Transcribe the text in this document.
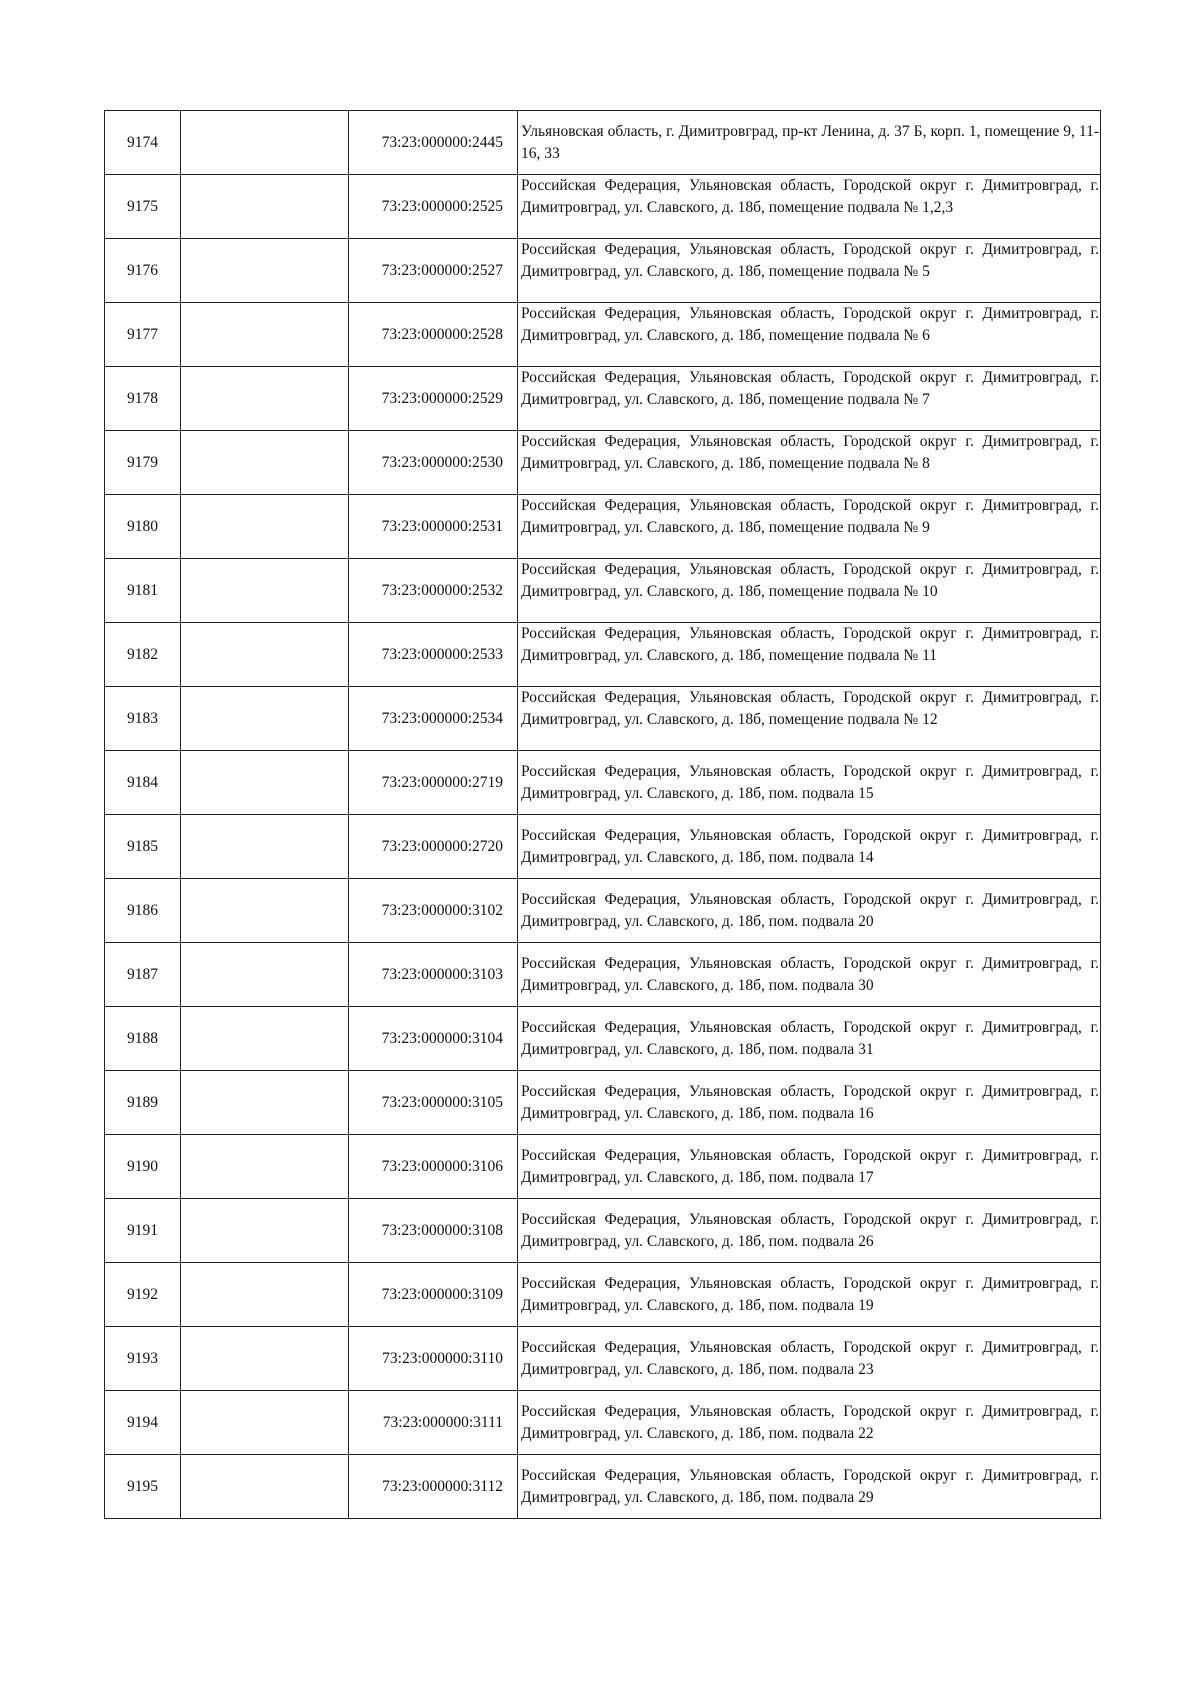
9174		73:23:000000:2445	Ульяновская область, г. Димитровград, пр-кт Ленина, д. 37 Б, корп. 1, помещение 9, 11-16, 33
9175		73:23:000000:2525	Российская Федерация, Ульяновская область, Городской округ г. Димитровград, г. Димитровград, ул. Славского, д. 18б, помещение подвала № 1,2,3
9176		73:23:000000:2527	Российская Федерация, Ульяновская область, Городской округ г. Димитровград, г. Димитровград, ул. Славского, д. 18б, помещение подвала № 5
9177		73:23:000000:2528	Российская Федерация, Ульяновская область, Городской округ г. Димитровград, г. Димитровград, ул. Славского, д. 18б, помещение подвала № 6
9178		73:23:000000:2529	Российская Федерация, Ульяновская область, Городской округ г. Димитровград, г. Димитровград, ул. Славского, д. 18б, помещение подвала № 7
9179		73:23:000000:2530	Российская Федерация, Ульяновская область, Городской округ г. Димитровград, г. Димитровград, ул. Славского, д. 18б, помещение подвала № 8
9180		73:23:000000:2531	Российская Федерация, Ульяновская область, Городской округ г. Димитровград, г. Димитровград, ул. Славского, д. 18б, помещение подвала № 9
9181		73:23:000000:2532	Российская Федерация, Ульяновская область, Городской округ г. Димитровград, г. Димитровград, ул. Славского, д. 18б, помещение подвала № 10
9182		73:23:000000:2533	Российская Федерация, Ульяновская область, Городской округ г. Димитровград, г. Димитровград, ул. Славского, д. 18б, помещение подвала № 11
9183		73:23:000000:2534	Российская Федерация, Ульяновская область, Городской округ г. Димитровград, г. Димитровград, ул. Славского, д. 18б, помещение подвала № 12
9184		73:23:000000:2719	Российская Федерация, Ульяновская область, Городской округ г. Димитровград, г. Димитровград, ул. Славского, д. 18б, пом. подвала 15
9185		73:23:000000:2720	Российская Федерация, Ульяновская область, Городской округ г. Димитровград, г. Димитровград, ул. Славского, д. 18б, пом. подвала 14
9186		73:23:000000:3102	Российская Федерация, Ульяновская область, Городской округ г. Димитровград, г. Димитровград, ул. Славского, д. 18б, пом. подвала 20
9187		73:23:000000:3103	Российская Федерация, Ульяновская область, Городской округ г. Димитровград, г. Димитровград, ул. Славского, д. 18б, пом. подвала 30
9188		73:23:000000:3104	Российская Федерация, Ульяновская область, Городской округ г. Димитровград, г. Димитровград, ул. Славского, д. 18б, пом. подвала 31
9189		73:23:000000:3105	Российская Федерация, Ульяновская область, Городской округ г. Димитровград, г. Димитровград, ул. Славского, д. 18б, пом. подвала 16
9190		73:23:000000:3106	Российская Федерация, Ульяновская область, Городской округ г. Димитровград, г. Димитровград, ул. Славского, д. 18б, пом. подвала 17
9191		73:23:000000:3108	Российская Федерация, Ульяновская область, Городской округ г. Димитровград, г. Димитровград, ул. Славского, д. 18б, пом. подвала 26
9192		73:23:000000:3109	Российская Федерация, Ульяновская область, Городской округ г. Димитровград, г. Димитровград, ул. Славского, д. 18б, пом. подвала 19
9193		73:23:000000:3110	Российская Федерация, Ульяновская область, Городской округ г. Димитровград, г. Димитровград, ул. Славского, д. 18б, пом. подвала 23
9194		73:23:000000:3111	Российская Федерация, Ульяновская область, Городской округ г. Димитровград, г. Димитровград, ул. Славского, д. 18б, пом. подвала 22
9195		73:23:000000:3112	Российская Федерация, Ульяновская область, Городской округ г. Димитровград, г. Димитровград, ул. Славского, д. 18б, пом. подвала 29
